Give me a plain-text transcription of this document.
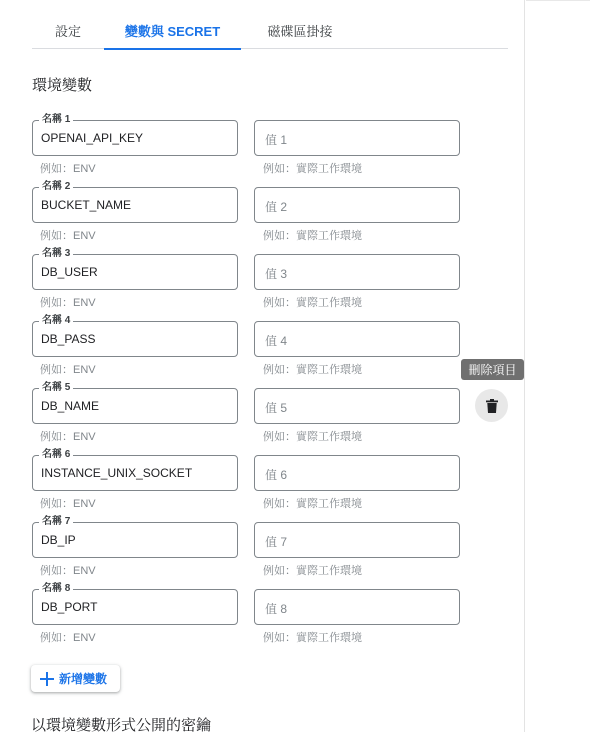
設定	變數與 SECRET	磁碟區掛接
環境變數
名稱 1
OPENAI_API_KEY	值 1
例如：ENV	例如：實際工作環境
名稱 2
BUCKET_NAME	值 2
例如：ENV	例如：實際工作環境
名稱 3
DB_USER	值 3
例如：ENV	例如：實際工作環境
名稱 4
DB_PASS	值 4
例如：ENV	例如：實際工作環境
名稱 5
DB_NAME	值 5
例如：ENV	例如：實際工作環境
名稱 6
INSTANCE_UNIX_SOCKET	值 6
例如：ENV	例如：實際工作環境
名稱 7
DB_IP	值 7
例如：ENV	例如：實際工作環境
名稱 8
DB_PORT	值 8
例如：ENV	例如：實際工作環境
新增變數
以環境變數形式公開的密鑰
刪除項目
